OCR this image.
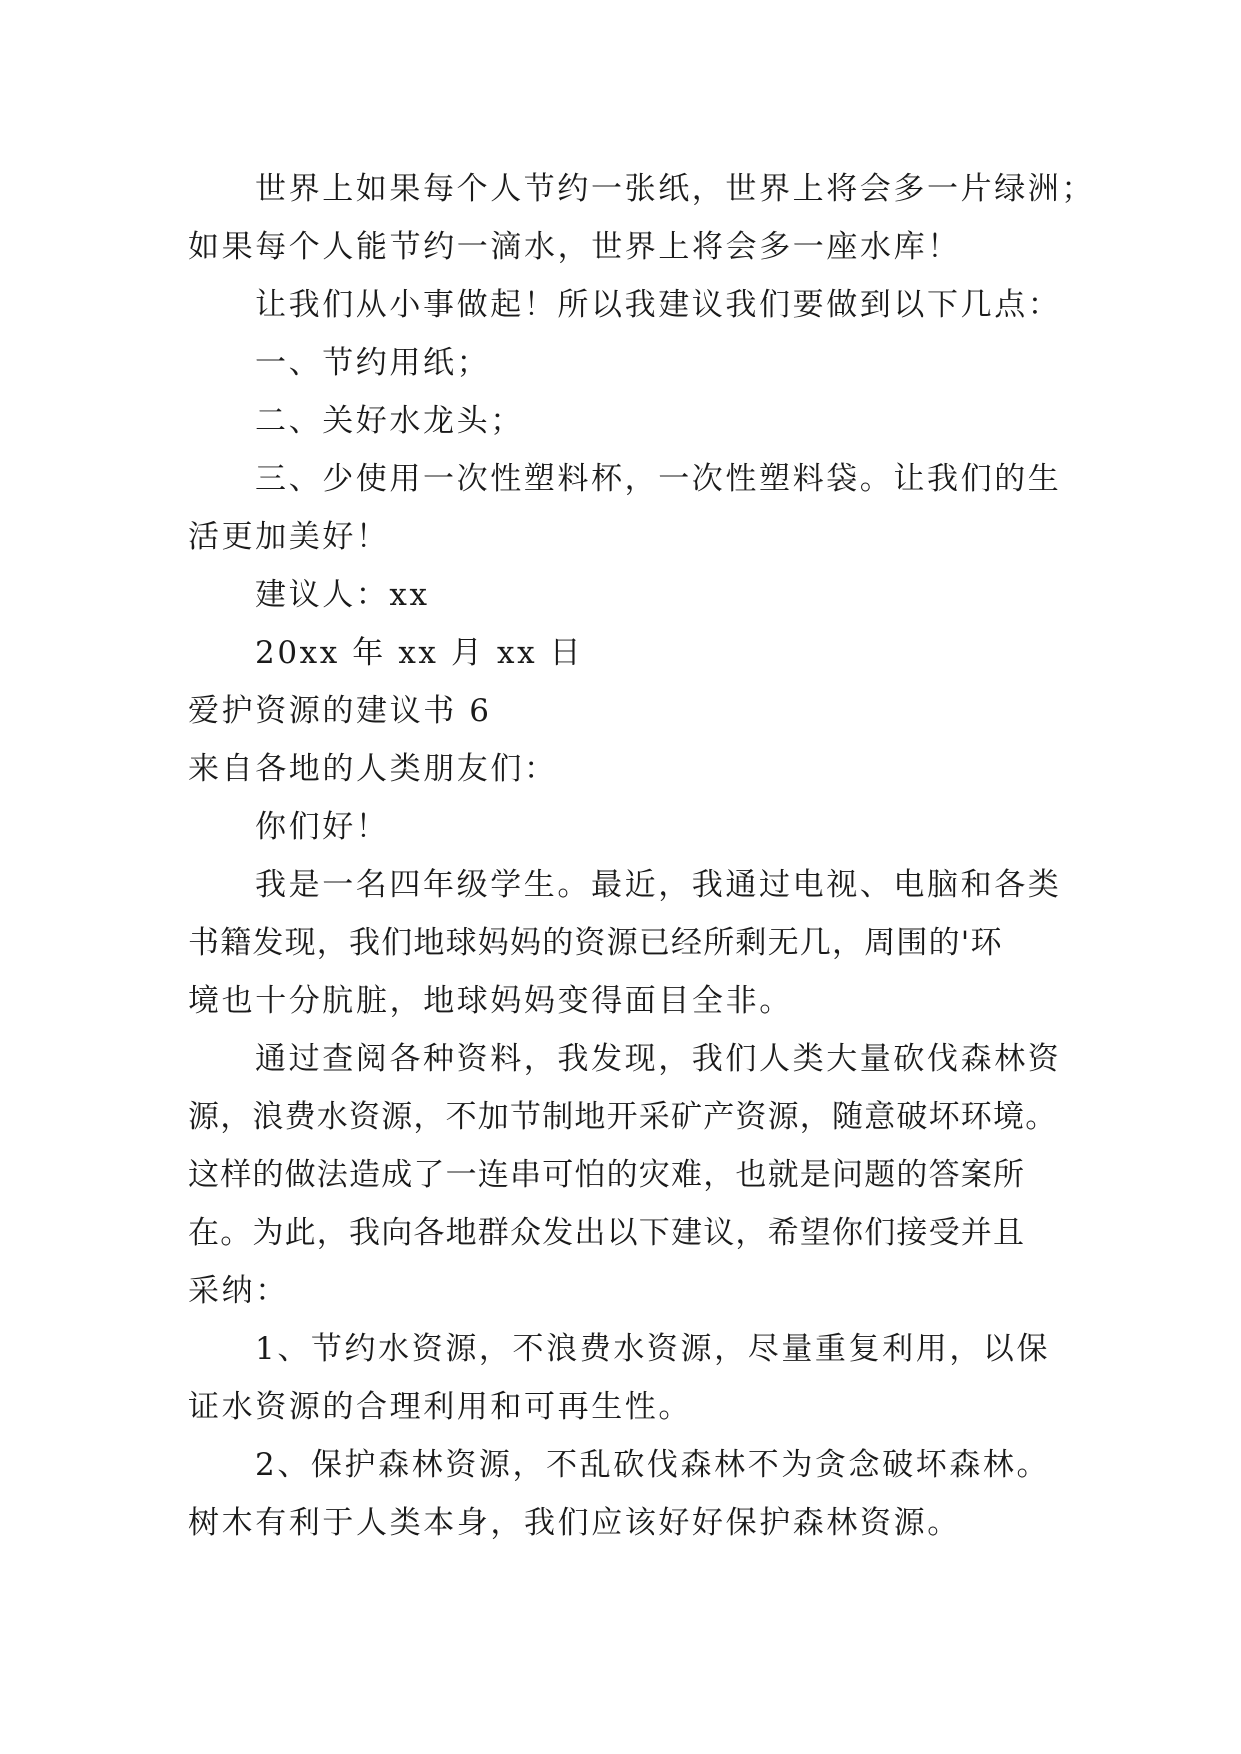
世界上如果每个人节约一张纸，世界上将会多一片绿洲；

如果每个人能节约一滴水，世界上将会多一座水库！

让我们从小事做起！所以我建议我们要做到以下几点：

一、节约用纸；

二、关好水龙头；

三、少使用一次性塑料杯，一次性塑料袋。让我们的生

活更加美好！

建议人：xx

20xx 年 xx 月 xx 日

爱护资源的建议书 6

来自各地的人类朋友们：

你们好！

我是一名四年级学生。最近，我通过电视、电脑和各类

书籍发现，我们地球妈妈的资源已经所剩无几，周围的'环

境也十分肮脏，地球妈妈变得面目全非。

通过查阅各种资料，我发现，我们人类大量砍伐森林资

源，浪费水资源，不加节制地开采矿产资源，随意破坏环境。

这样的做法造成了一连串可怕的灾难，也就是问题的答案所

在。为此，我向各地群众发出以下建议，希望你们接受并且

采纳：

1、节约水资源，不浪费水资源，尽量重复利用，以保

证水资源的合理利用和可再生性。

2、保护森林资源，不乱砍伐森林不为贪念破坏森林。

树木有利于人类本身，我们应该好好保护森林资源。
